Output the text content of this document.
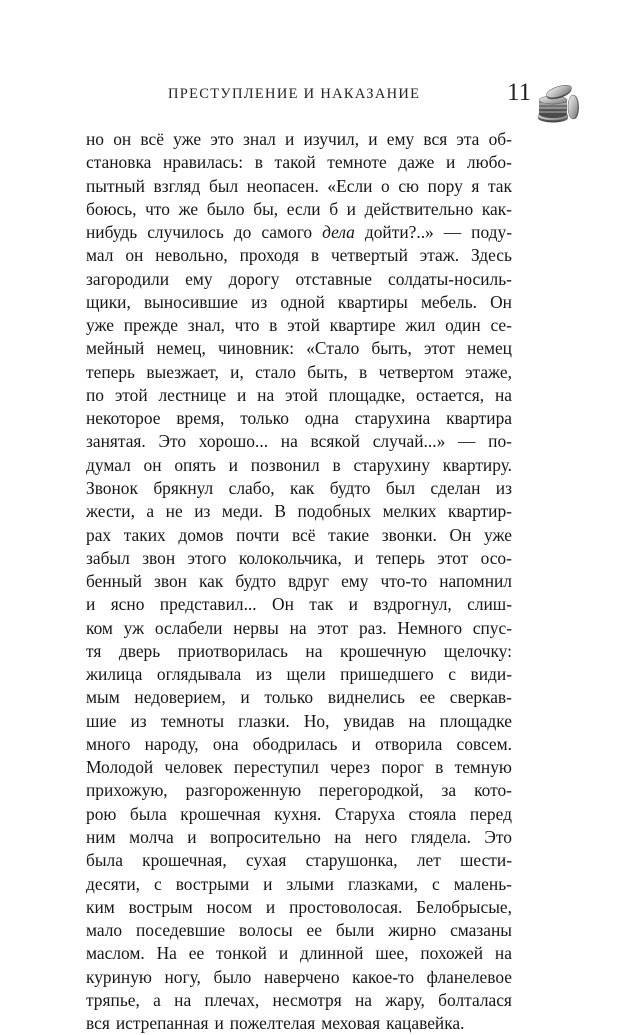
ПРЕСТУПЛЕНИЕ И НАКАЗАНИЕ	11
но он всё уже это знал и изучил, и ему вся эта об-
становка нравилась: в такой темноте даже и любо-
пытный взгляд был неопасен. «Если о сю пору я так
боюсь, что же было бы, если б и действительно как-
нибудь случилось до самого дела дойти?..» — поду-
мал он невольно, проходя в четвертый этаж. Здесь
загородили ему дорогу отставные солдаты-носиль-
щики, выносившие из одной квартиры мебель. Он
уже прежде знал, что в этой квартире жил один се-
мейный немец, чиновник: «Стало быть, этот немец
теперь выезжает, и, стало быть, в четвертом этаже,
по этой лестнице и на этой площадке, остается, на
некоторое время, только одна старухина квартира
занятая. Это хорошо... на всякой случай...» — по-
думал он опять и позвонил в старухину квартиру.
Звонок брякнул слабо, как будто был сделан из
жести, а не из меди. В подобных мелких квартир-
рах таких домов почти всё такие звонки. Он уже
забыл звон этого колокольчика, и теперь этот осо-
бенный звон как будто вдруг ему что-то напомнил
и ясно представил... Он так и вздрогнул, слиш-
ком уж ослабели нервы на этот раз. Немного спус-
тя дверь приотворилась на крошечную щелочку:
жилица оглядывала из щели пришедшего с види-
мым недоверием, и только виднелись ее сверкав-
шие из темноты глазки. Но, увидав на площадке
много народу, она ободрилась и отворила совсем.
Молодой человек переступил через порог в темную
прихожую, разгороженную перегородкой, за кото-
рою была крошечная кухня. Старуха стояла перед
ним молча и вопросительно на него глядела. Это
была крошечная, сухая старушонка, лет шести-
десяти, с вострыми и злыми глазками, с малень-
ким вострым носом и простоволосая. Белобрысые,
мало поседевшие волосы ее были жирно смазаны
маслом. На ее тонкой и длинной шее, похожей на
куриную ногу, было наверчено какое-то фланелевое
тряпье, а на плечах, несмотря на жару, болталася
вся истрепанная и пожелтелая меховая кацавейка.
